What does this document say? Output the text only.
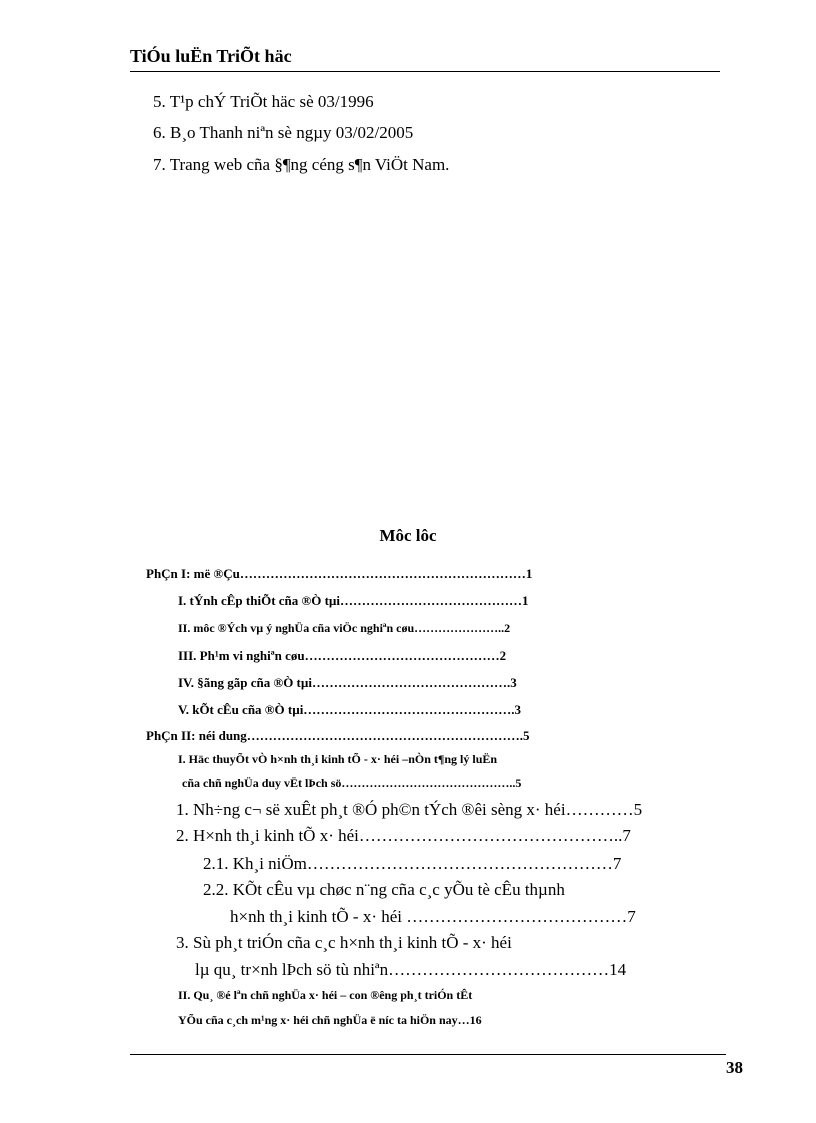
TiÓu luËn TriÕt häc
5. T¹p chÝ TriÕt häc sè 03/1996
6. B¸o Thanh niªn sè ngµy 03/02/2005
7. Trang web cña §¶ng céng s¶n ViÖt Nam.
Môc lôc
PhÇn I: më ®Çu…………………………………………………………1
I. tÝnh cÊp thiÕt cña ®Ò tµi……………………………………1
II. môc ®Ých vµ ý nghÜa cña viÖc nghiªn cøu…………………..2
III. Ph¹m vi nghiªn cøu………………………………………2
IV. §ãng gãp cña ®Ò tµi……………………………………….3
V. kÕt cÊu cña ®Ò tµi………………………………………….3
PhÇn II: néi dung……………………………………………………….5
I. Häc thuyÕt vÒ h×nh th¸i kinh tÕ - x· héi –nÒn t¶ng lý luËn
cña chñ nghÜa duy vËt lÞch sö……………………………………..5
1. Nh÷ng c¬ së xuÊt ph¸t ®Ó ph©n tÝch ®êi sèng x· héi…………5
2. H×nh th¸i kinh tÕ x· héi………………………………………..7
2.1. Kh¸i niÖm………………………………………………7
2.2. KÕt cÊu vµ chøc n¨ng cña c¸c yÕu tè cÊu thµnh
h×nh th¸i kinh tÕ - x· héi …………………………………7
3. Sù ph¸t triÓn cña c¸c h×nh th¸i kinh tÕ - x· héi
lµ qu¸ tr×nh lÞch sö tù nhiªn…………………………………14
II. Qu¸ ®é lªn chñ nghÜa x· héi – con ®êng ph¸t triÓn tÊt
YÕu cña c¸ch m¹ng x· héi chñ nghÜa ë níc ta hiÖn nay…16
38
